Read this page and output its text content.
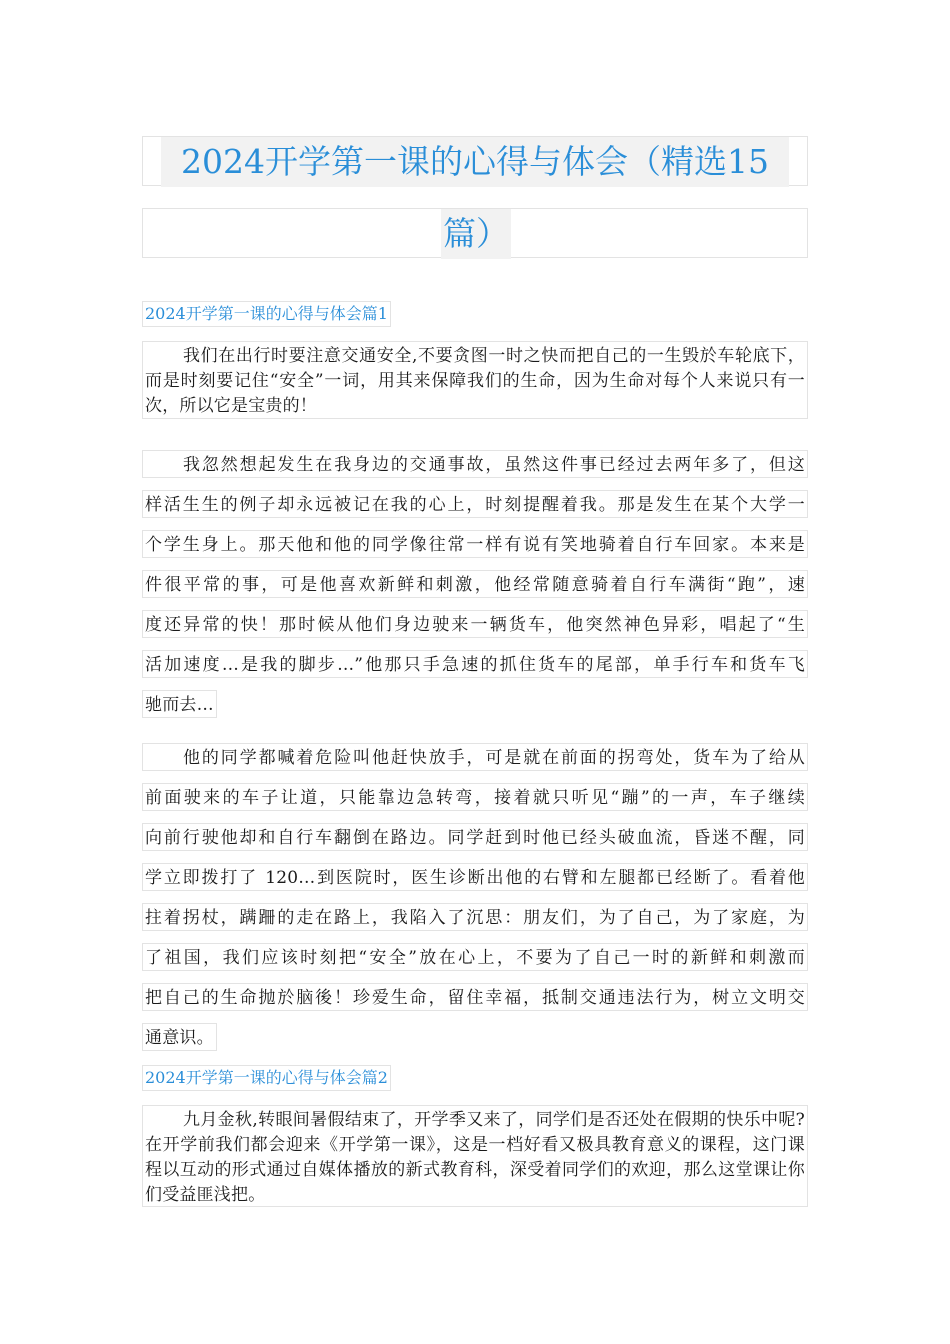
2024开学第一课的心得与体会（精选15
篇）
2024开学第一课的心得与体会篇1
我们在出行时要注意交通安全,不要贪图一时之快而把自己的一生毁於车轮底下，而是时刻要记住“安全”一词，用其来保障我们的生命，因为生命对每个人来说只有一次，所以它是宝贵的！
我忽然想起发生在我身边的交通事故，虽然这件事已经过去两年多了，但这
样活生生的例子却永远被记在我的心上，时刻提醒着我。那是发生在某个大学一
个学生身上。那天他和他的同学像往常一样有说有笑地骑着自行车回家。本来是
件很平常的事，可是他喜欢新鲜和刺激，他经常随意骑着自行车满街“跑”，速
度还异常的快！那时候从他们身边驶来一辆货车，他突然神色异彩，唱起了“生
活加速度…是我的脚步…”他那只手急速的抓住货车的尾部，单手行车和货车飞
驰而去…
他的同学都喊着危险叫他赶快放手，可是就在前面的拐弯处，货车为了给从
前面驶来的车子让道，只能靠边急转弯，接着就只听见“蹦”的一声，车子继续
向前行驶他却和自行车翻倒在路边。同学赶到时他已经头破血流，昏迷不醒，同
学立即拨打了 120…到医院时，医生诊断出他的右臂和左腿都已经断了。看着他
拄着拐杖，蹒跚的走在路上，我陷入了沉思：朋友们，为了自己，为了家庭，为
了祖国，我们应该时刻把“安全”放在心上，不要为了自己一时的新鲜和刺激而
把自己的生命抛於脑後！珍爱生命，留住幸福，抵制交通违法行为，树立文明交
通意识。
2024开学第一课的心得与体会篇2
九月金秋,转眼间暑假结束了，开学季又来了，同学们是否还处在假期的快乐中呢?在开学前我们都会迎来《开学第一课》，这是一档好看又极具教育意义的课程，这门课程以互动的形式通过自媒体播放的新式教育科，深受着同学们的欢迎，那么这堂课让你们受益匪浅把。
